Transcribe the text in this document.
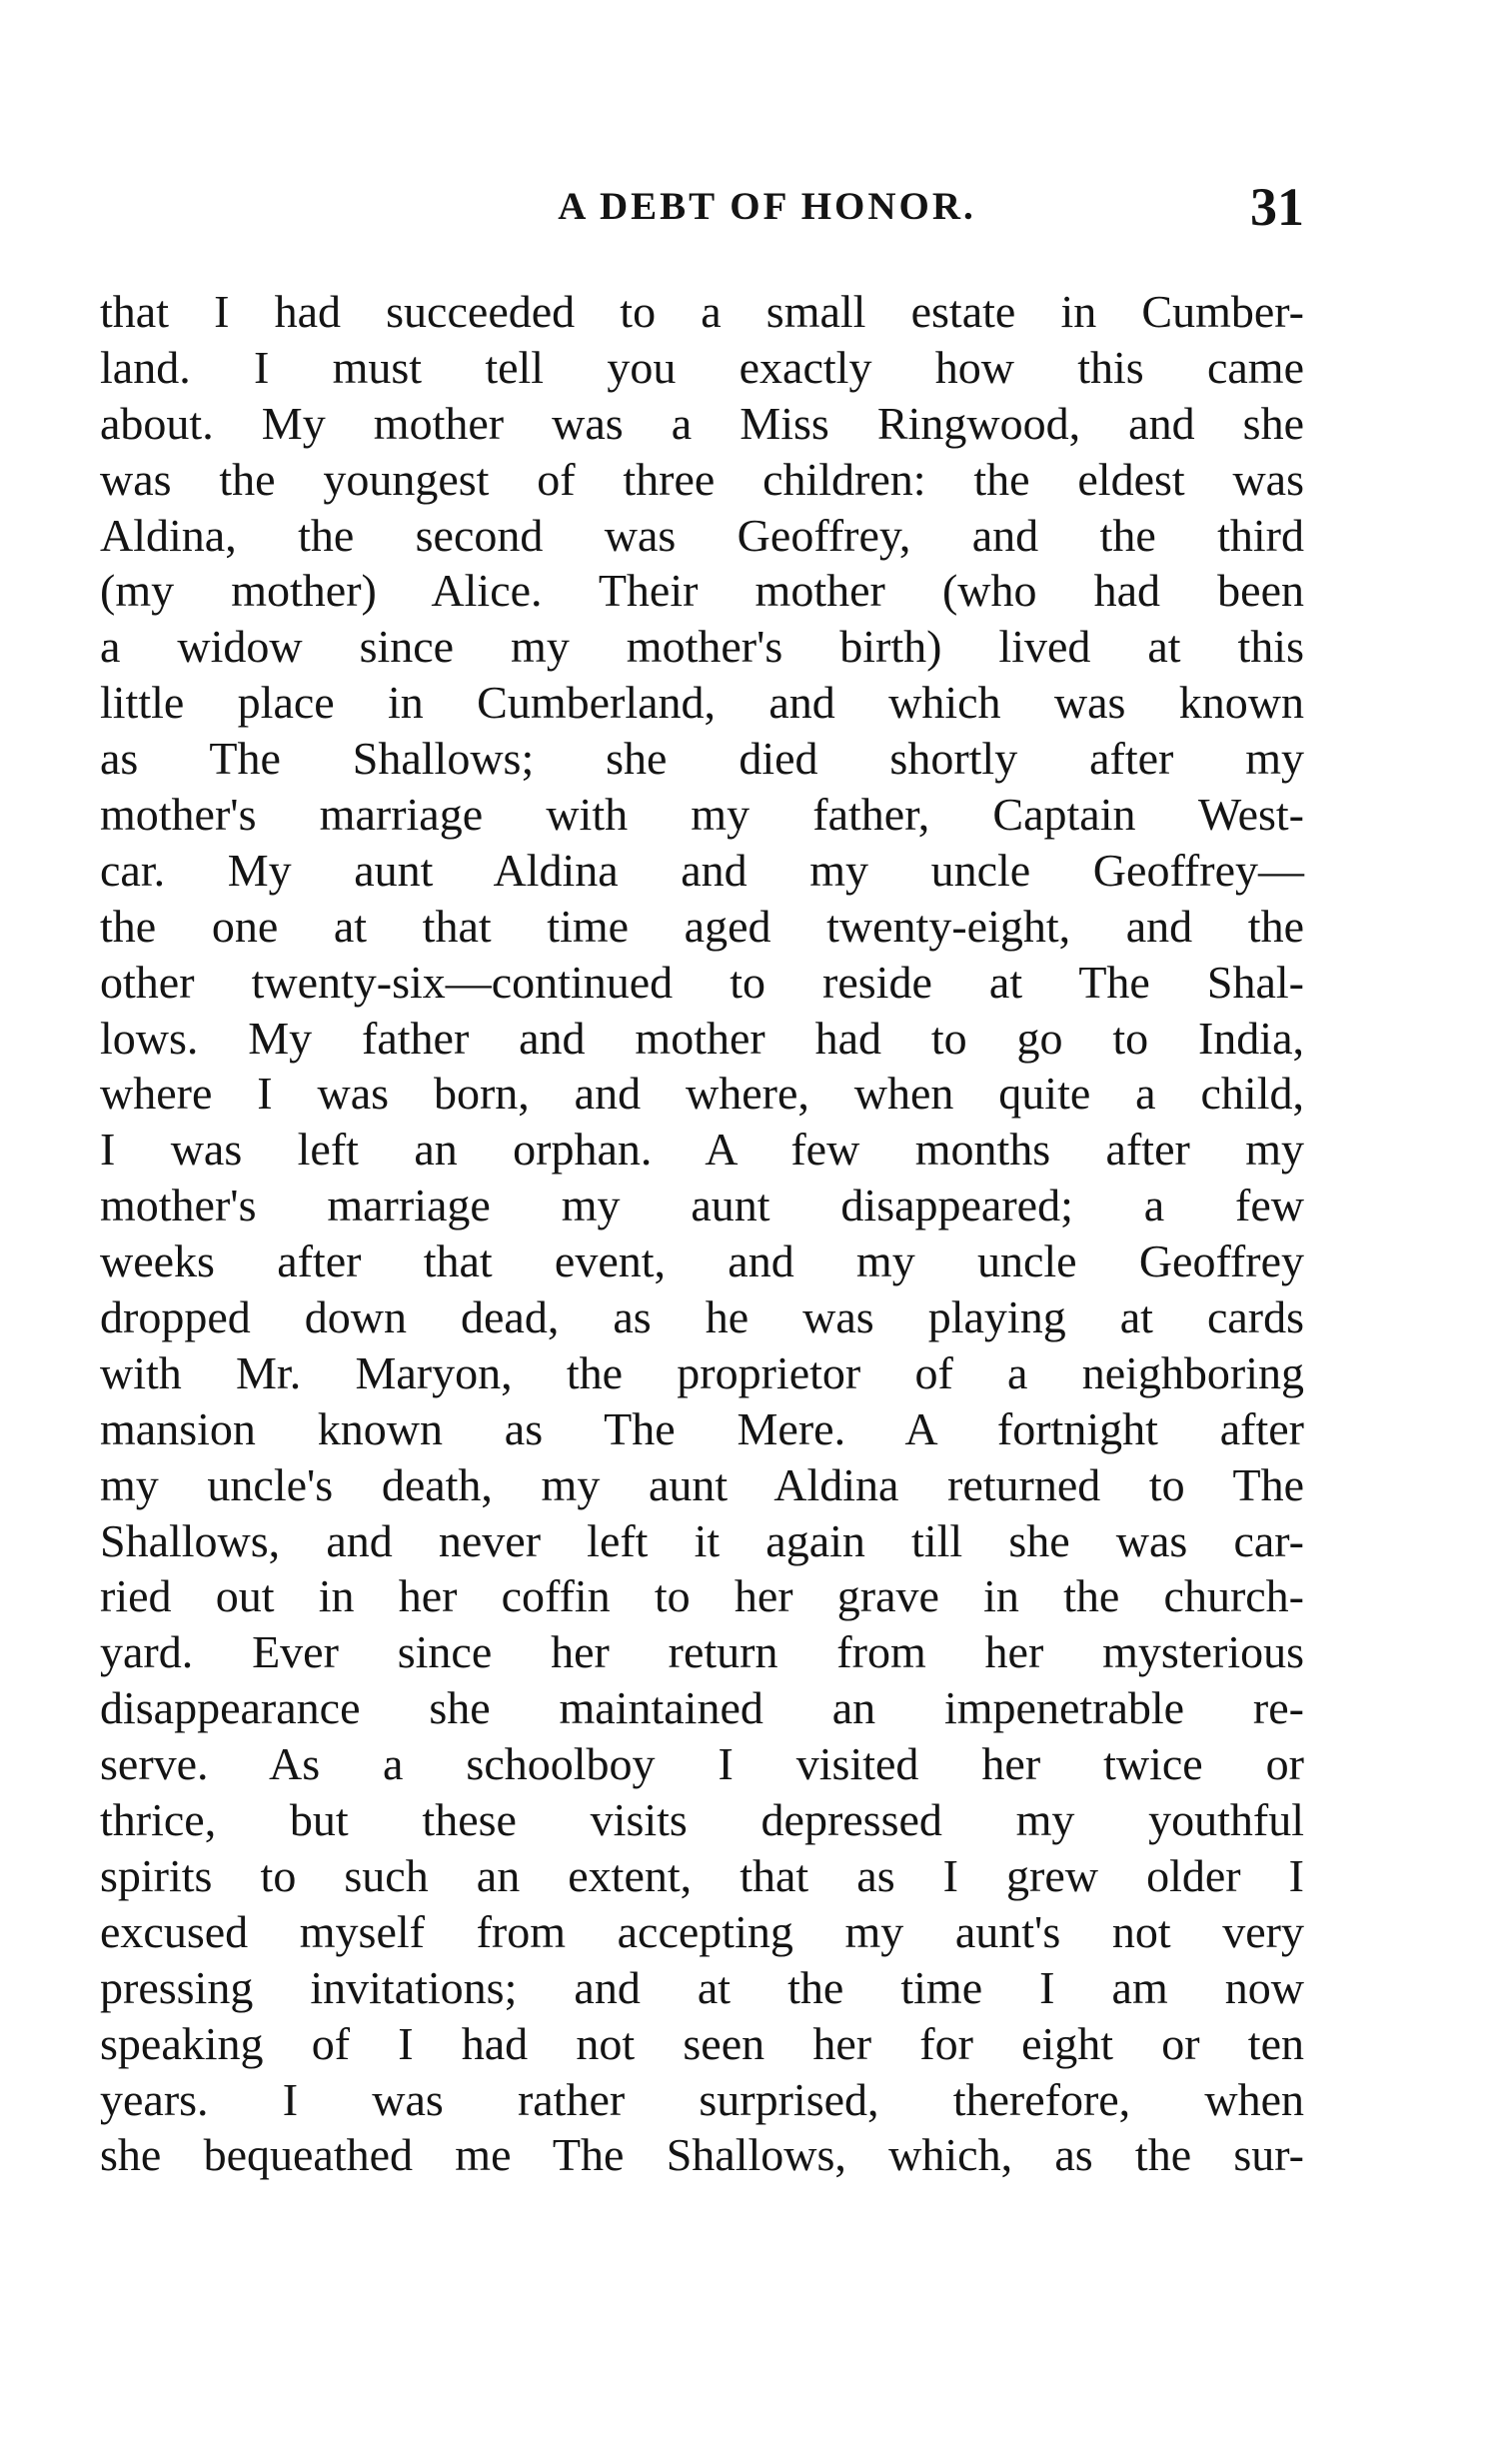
A DEBT OF HONOR.	31
that I had succeeded to a small estate in Cumber-
land. I must tell you exactly how this came
about. My mother was a Miss Ringwood, and she
was the youngest of three children: the eldest was
Aldina, the second was Geoffrey, and the third
(my mother) Alice. Their mother (who had been
a widow since my mother's birth) lived at this
little place in Cumberland, and which was known
as The Shallows; she died shortly after my
mother's marriage with my father, Captain West-
car. My aunt Aldina and my uncle Geoffrey—
the one at that time aged twenty-eight, and the
other twenty-six—continued to reside at The Shal-
lows. My father and mother had to go to India,
where I was born, and where, when quite a child,
I was left an orphan. A few months after my
mother's marriage my aunt disappeared; a few
weeks after that event, and my uncle Geoffrey
dropped down dead, as he was playing at cards
with Mr. Maryon, the proprietor of a neighboring
mansion known as The Mere. A fortnight after
my uncle's death, my aunt Aldina returned to The
Shallows, and never left it again till she was car-
ried out in her coffin to her grave in the church-
yard. Ever since her return from her mysterious
disappearance she maintained an impenetrable re-
serve. As a schoolboy I visited her twice or
thrice, but these visits depressed my youthful
spirits to such an extent, that as I grew older I
excused myself from accepting my aunt's not very
pressing invitations; and at the time I am now
speaking of I had not seen her for eight or ten
years. I was rather surprised, therefore, when
she bequeathed me The Shallows, which, as the sur-
